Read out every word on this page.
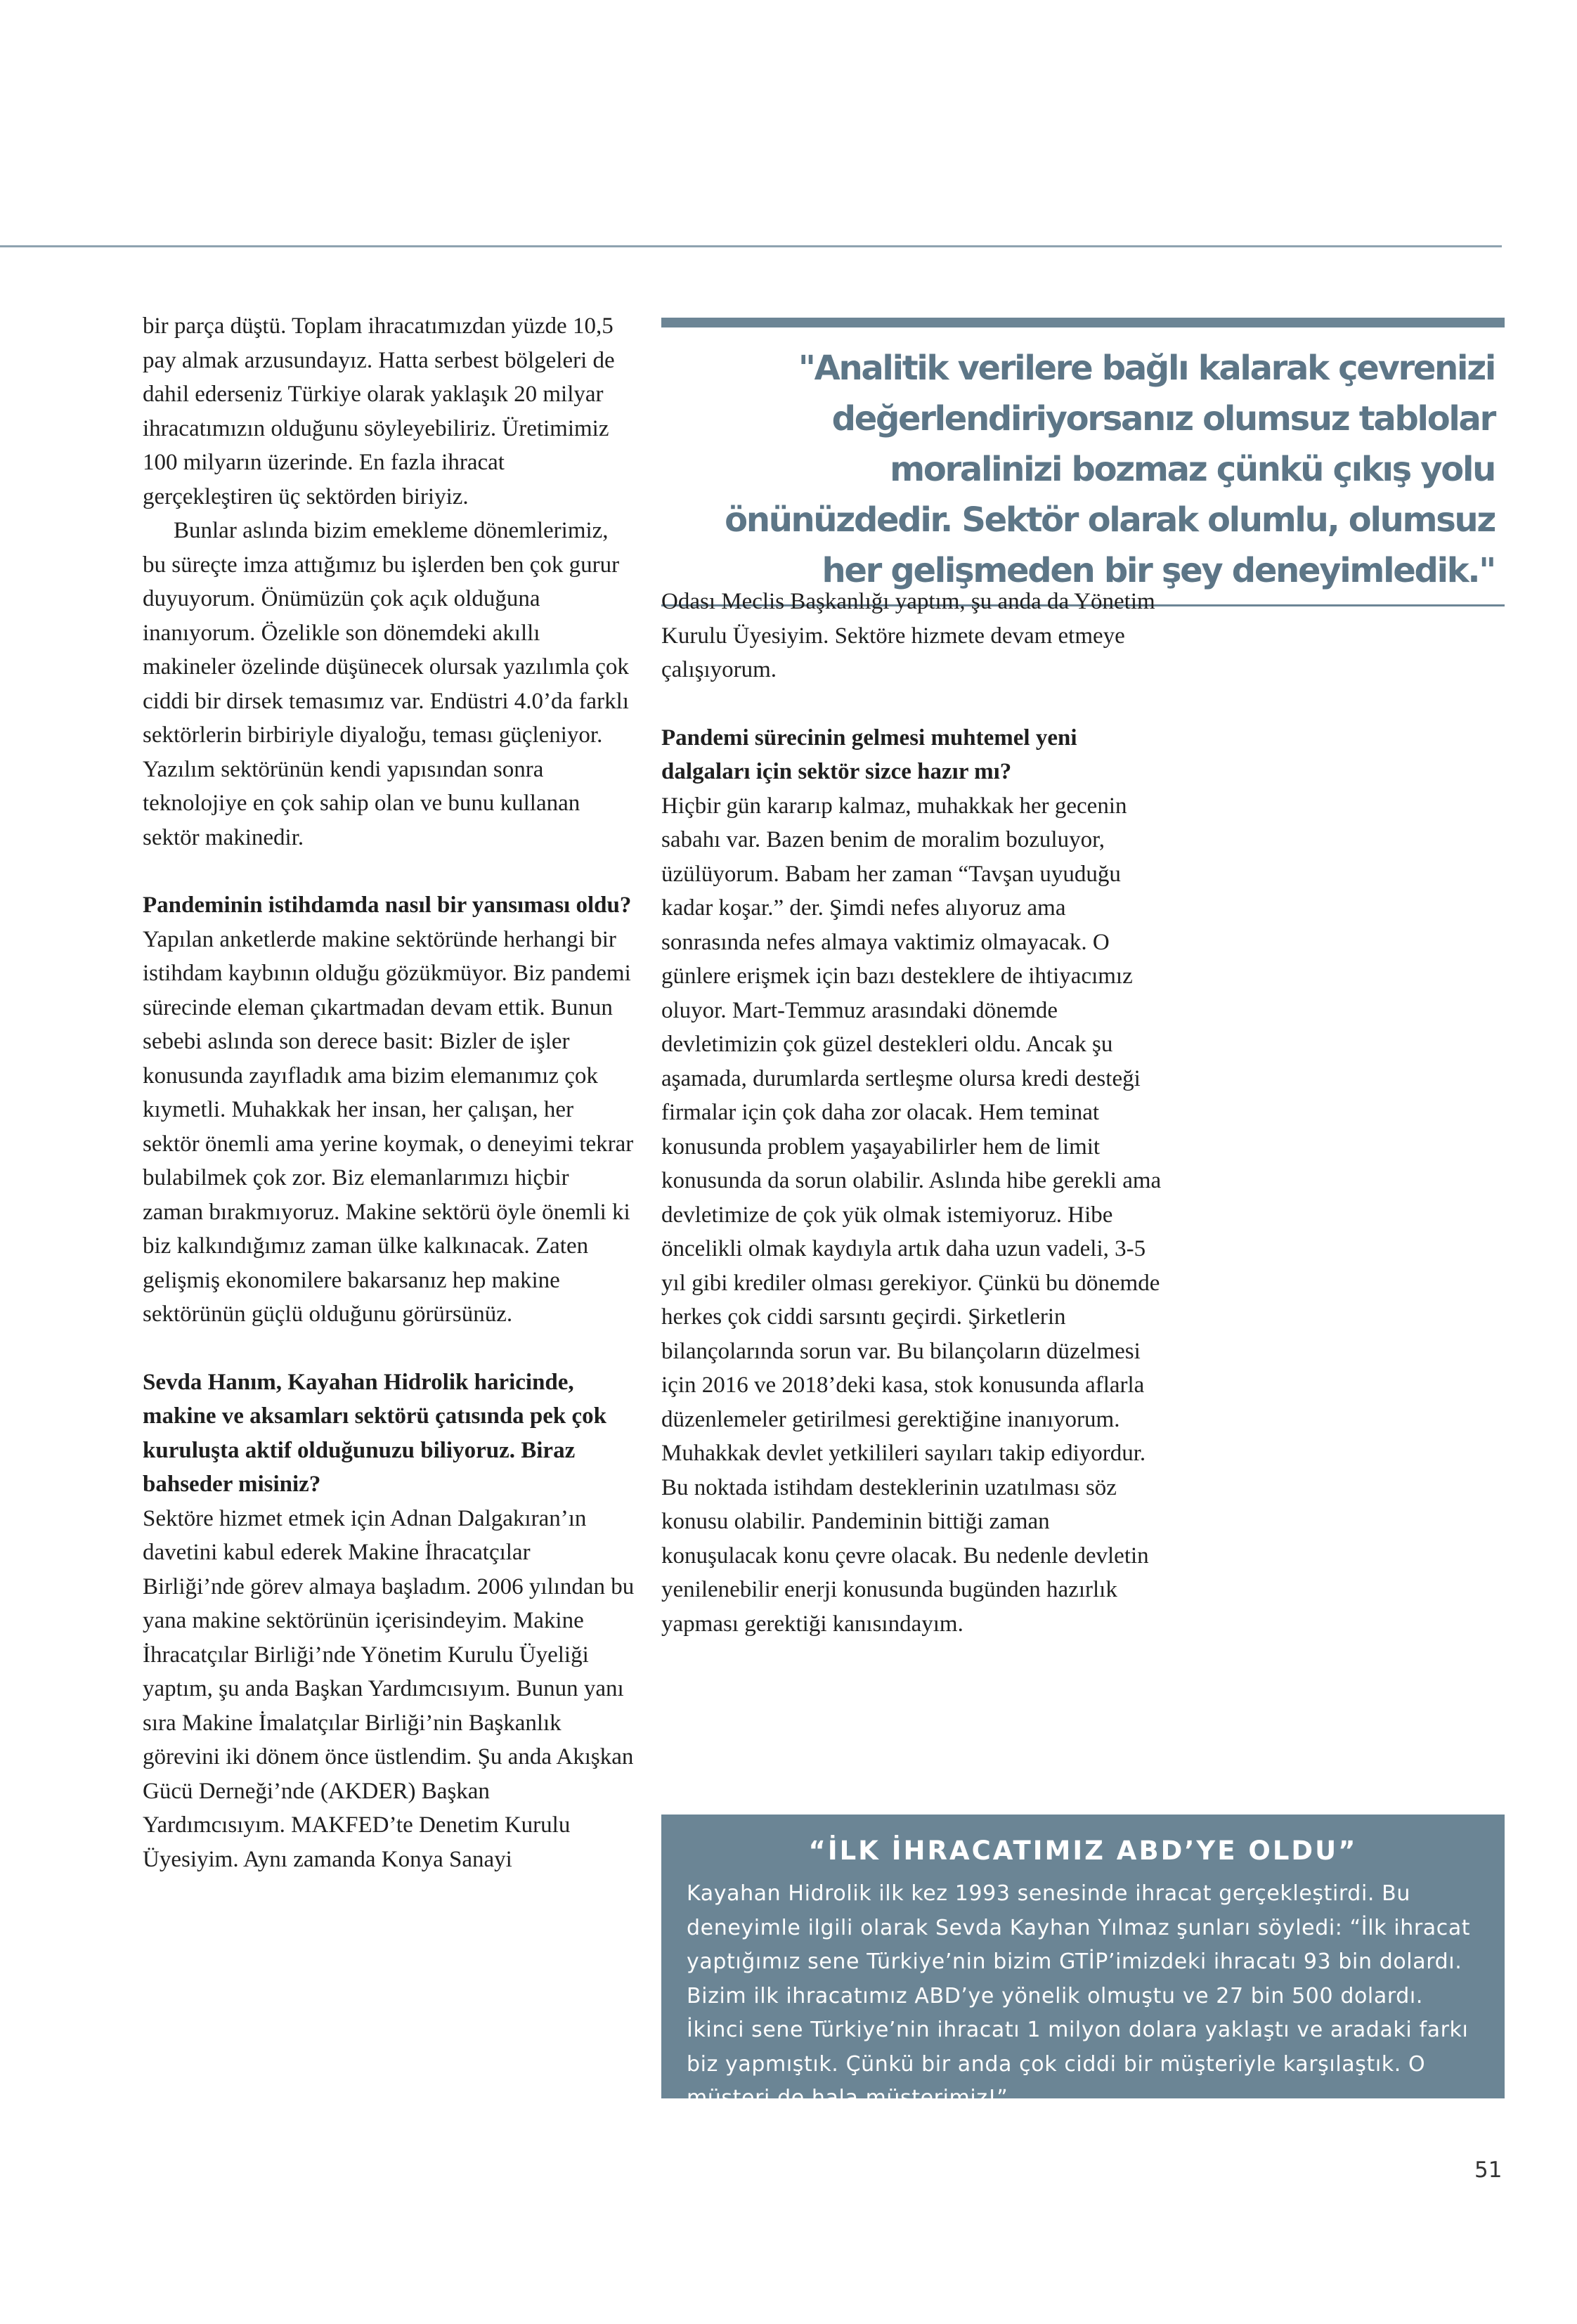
bir parça düştü. Toplam ihracatımızdan yüzde 10,5 pay almak arzusundayız. Hatta serbest bölgeleri de dahil ederseniz Türkiye olarak yaklaşık 20 milyar ihracatımızın olduğunu söyleyebiliriz. Üretimimiz 100 milyarın üzerinde. En fazla ihracat gerçekleştiren üç sektörden biriyiz.

Bunlar aslında bizim emekleme dönemlerimiz, bu süreçte imza attığımız bu işlerden ben çok gurur duyuyorum. Önümüzün çok açık olduğuna inanıyorum. Özelikle son dönemdeki akıllı makineler özelinde düşünecek olursak yazılımla çok ciddi bir dirsek temasımız var. Endüstri 4.0’da farklı sektörlerin birbiriyle diyaloğu, teması güçleniyor. Yazılım sektörünün kendi yapısından sonra teknolojiye en çok sahip olan ve bunu kullanan sektör makinedir.

Pandeminin istihdamda nasıl bir yansıması oldu?

Yapılan anketlerde makine sektöründe herhangi bir istihdam kaybının olduğu gözükmüyor. Biz pandemi sürecinde eleman çıkartmadan devam ettik. Bunun sebebi aslında son derece basit: Bizler de işler konusunda zayıfladık ama bizim elemanımız çok kıymetli. Muhakkak her insan, her çalışan, her sektör önemli ama yerine koymak, o deneyimi tekrar bulabilmek çok zor. Biz elemanlarımızı hiçbir zaman bırakmıyoruz. Makine sektörü öyle önemli ki biz kalkındığımız zaman ülke kalkınacak. Zaten gelişmiş ekonomilere bakarsanız hep makine sektörünün güçlü olduğunu görürsünüz.

Sevda Hanım, Kayahan Hidrolik haricinde, makine ve aksamları sektörü çatısında pek çok kuruluşta aktif olduğunuzu biliyoruz. Biraz bahseder misiniz?

Sektöre hizmet etmek için Adnan Dalgakıran’ın davetini kabul ederek Makine İhracatçılar Birliği’nde görev almaya başladım. 2006 yılından bu yana makine sektörünün içerisindeyim. Makine İhracatçılar Birliği’nde Yönetim Kurulu Üyeliği yaptım, şu anda Başkan Yardımcısıyım. Bunun yanı sıra Makine İmalatçılar Birliği’nin Başkanlık görevini iki dönem önce üstlendim. Şu anda Akışkan Gücü Derneği’nde (AKDER) Başkan Yardımcısıyım. MAKFED’te Denetim Kurulu Üyesiyim. Aynı zamanda Konya Sanayi

"Analitik verilere bağlı kalarak çevrenizi değerlendiriyorsanız olumsuz tablolar moralinizi bozmaz çünkü çıkış yolu önünüzdedir. Sektör olarak olumlu, olumsuz her gelişmeden bir şey deneyimledik."

Odası Meclis Başkanlığı yaptım, şu anda da Yönetim Kurulu Üyesiyim. Sektöre hizmete devam etmeye çalışıyorum.

Pandemi sürecinin gelmesi muhtemel yeni dalgaları için sektör sizce hazır mı?

Hiçbir gün kararıp kalmaz, muhakkak her gecenin sabahı var. Bazen benim de moralim bozuluyor, üzülüyorum. Babam her zaman “Tavşan uyuduğu kadar koşar.” der. Şimdi nefes alıyoruz ama sonrasında nefes almaya vaktimiz olmayacak. O günlere erişmek için bazı desteklere de ihtiyacımız oluyor. Mart-Temmuz arasındaki dönemde devletimizin çok güzel destekleri oldu. Ancak şu aşamada, durumlarda sertleşme olursa kredi desteği firmalar için çok daha zor olacak. Hem teminat konusunda problem yaşayabilirler hem de limit konusunda da sorun olabilir. Aslında hibe gerekli ama devletimize de çok yük olmak istemiyoruz. Hibe öncelikli olmak kaydıyla artık daha uzun vadeli, 3-5 yıl gibi krediler olması gerekiyor. Çünkü bu dönemde herkes çok ciddi sarsıntı geçirdi. Şirketlerin bilançolarında sorun var. Bu bilançoların düzelmesi için 2016 ve 2018’deki kasa, stok konusunda aflarla düzenlemeler getirilmesi gerektiğine inanıyorum. Muhakkak devlet yetkilileri sayıları takip ediyordur. Bu noktada istihdam desteklerinin uzatılması söz konusu olabilir. Pandeminin bittiği zaman konuşulacak konu çevre olacak. Bu nedenle devletin yenilenebilir enerji konusunda bugünden hazırlık yapması gerektiği kanısındayım.

“İLK İHRACATIMIZ ABD’YE OLDU”

Kayahan Hidrolik ilk kez 1993 senesinde ihracat gerçekleştirdi. Bu deneyimle ilgili olarak Sevda Kayhan Yılmaz şunları söyledi: “İlk ihracat yaptığımız sene Türkiye’nin bizim GTİP’imizdeki ihracatı 93 bin dolardı. Bizim ilk ihracatımız ABD’ye yönelik olmuştu ve 27 bin 500 dolardı. İkinci sene Türkiye’nin ihracatı 1 milyon dolara yaklaştı ve aradaki farkı biz yapmıştık. Çünkü bir anda çok ciddi bir müşteriyle karşılaştık. O müşteri de hala müşterimiz!”

51
